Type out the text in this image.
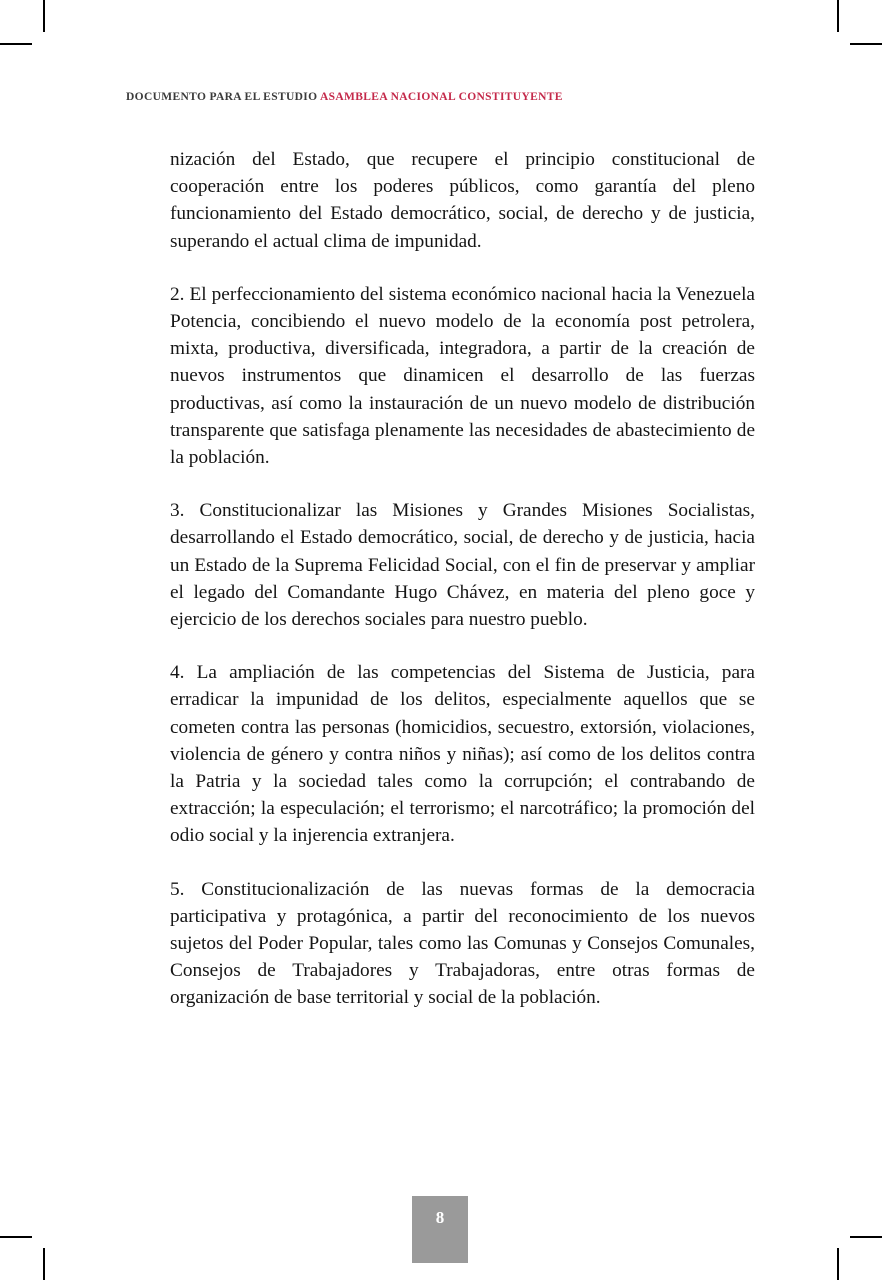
DOCUMENTO PARA EL ESTUDIO ASAMBLEA NACIONAL CONSTITUYENTE

nización del Estado, que recupere el principio constitucional de cooperación entre los poderes públicos, como garantía del pleno funcionamiento del Estado democrático, social, de derecho y de justicia, superando el actual clima de impunidad.

2. El perfeccionamiento del sistema económico nacional hacia la Venezuela Potencia, concibiendo el nuevo modelo de la economía post petrolera, mixta, productiva, diversificada, integradora, a partir de la creación de nuevos instrumentos que dinamicen el desarrollo de las fuerzas productivas, así como la instauración de un nuevo modelo de distribución transparente que satisfaga plenamente las necesidades de abastecimiento de la población.

3. Constitucionalizar las Misiones y Grandes Misiones Socialistas, desarrollando el Estado democrático, social, de derecho y de justicia, hacia un Estado de la Suprema Felicidad Social, con el fin de preservar y ampliar el legado del Comandante Hugo Chávez, en materia del pleno goce y ejercicio de los derechos sociales para nuestro pueblo.

4. La ampliación de las competencias del Sistema de Justicia, para erradicar la impunidad de los delitos, especialmente aquellos que se cometen contra las personas (homicidios, secuestro, extorsión, violaciones, violencia de género y contra niños y niñas); así como de los delitos contra la Patria y la sociedad tales como la corrupción; el contrabando de extracción; la especulación; el terrorismo; el narcotráfico; la promoción del odio social y la injerencia extranjera.

5. Constitucionalización de las nuevas formas de la democracia participativa y protagónica, a partir del reconocimiento de los nuevos sujetos del Poder Popular, tales como las Comunas y Consejos Comunales, Consejos de Trabajadores y Trabajadoras, entre otras formas de organización de base territorial y social de la población.

8
